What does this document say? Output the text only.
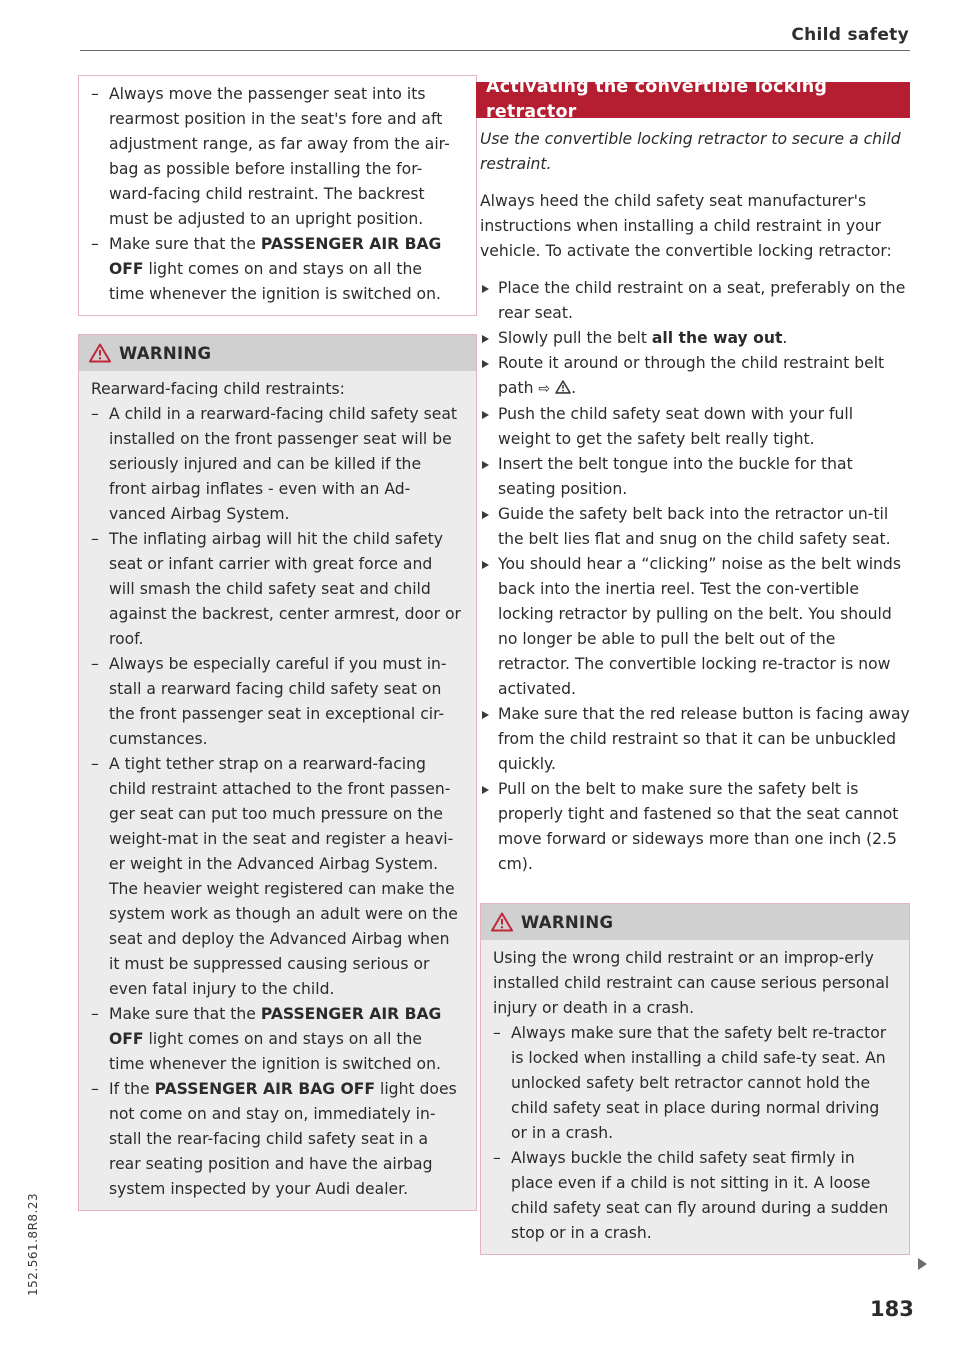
Child safety
152.561.8R8.23
– Always move the passenger seat into its rearmost position in the seat's fore and aft adjustment range, as far away from the air-bag as possible before installing the for-ward-facing child restraint. The backrest must be adjusted to an upright position.
– Make sure that the PASSENGER AIR BAG OFF light comes on and stays on all the time whenever the ignition is switched on.
WARNING
Rearward-facing child restraints:
– A child in a rearward-facing child safety seat installed on the front passenger seat will be seriously injured and can be killed if the front airbag inflates - even with an Ad-vanced Airbag System.
– The inflating airbag will hit the child safety seat or infant carrier with great force and will smash the child safety seat and child against the backrest, center armrest, door or roof.
– Always be especially careful if you must in-stall a rearward facing child safety seat on the front passenger seat in exceptional cir-cumstances.
– A tight tether strap on a rearward-facing child restraint attached to the front passen-ger seat can put too much pressure on the weight-mat in the seat and register a heavi-er weight in the Advanced Airbag System. The heavier weight registered can make the system work as though an adult were on the seat and deploy the Advanced Airbag when it must be suppressed causing serious or even fatal injury to the child.
– Make sure that the PASSENGER AIR BAG OFF light comes on and stays on all the time whenever the ignition is switched on.
– If the PASSENGER AIR BAG OFF light does not come on and stay on, immediately in-stall the rear-facing child safety seat in a rear seating position and have the airbag system inspected by your Audi dealer.
Activating the convertible locking retractor
Use the convertible locking retractor to secure a child restraint.
Always heed the child safety seat manufacturer's instructions when installing a child restraint in your vehicle. To activate the convertible locking retractor:
Place the child restraint on a seat, preferably on the rear seat.
Slowly pull the belt all the way out.
Route it around or through the child restraint belt path ⇨ .
Push the child safety seat down with your full weight to get the safety belt really tight.
Insert the belt tongue into the buckle for that seating position.
Guide the safety belt back into the retractor un-til the belt lies flat and snug on the child safety seat.
You should hear a “clicking” noise as the belt winds back into the inertia reel. Test the con-vertible locking retractor by pulling on the belt. You should no longer be able to pull the belt out of the retractor. The convertible locking re-tractor is now activated.
Make sure that the red release button is facing away from the child restraint so that it can be unbuckled quickly.
Pull on the belt to make sure the safety belt is properly tight and fastened so that the seat cannot move forward or sideways more than one inch (2.5 cm).
WARNING
Using the wrong child restraint or an improp-erly installed child restraint can cause serious personal injury or death in a crash.
– Always make sure that the safety belt re-tractor is locked when installing a child safe-ty seat. An unlocked safety belt retractor cannot hold the child safety seat in place during normal driving or in a crash.
– Always buckle the child safety seat firmly in place even if a child is not sitting in it. A loose child safety seat can fly around during a sudden stop or in a crash.
183
